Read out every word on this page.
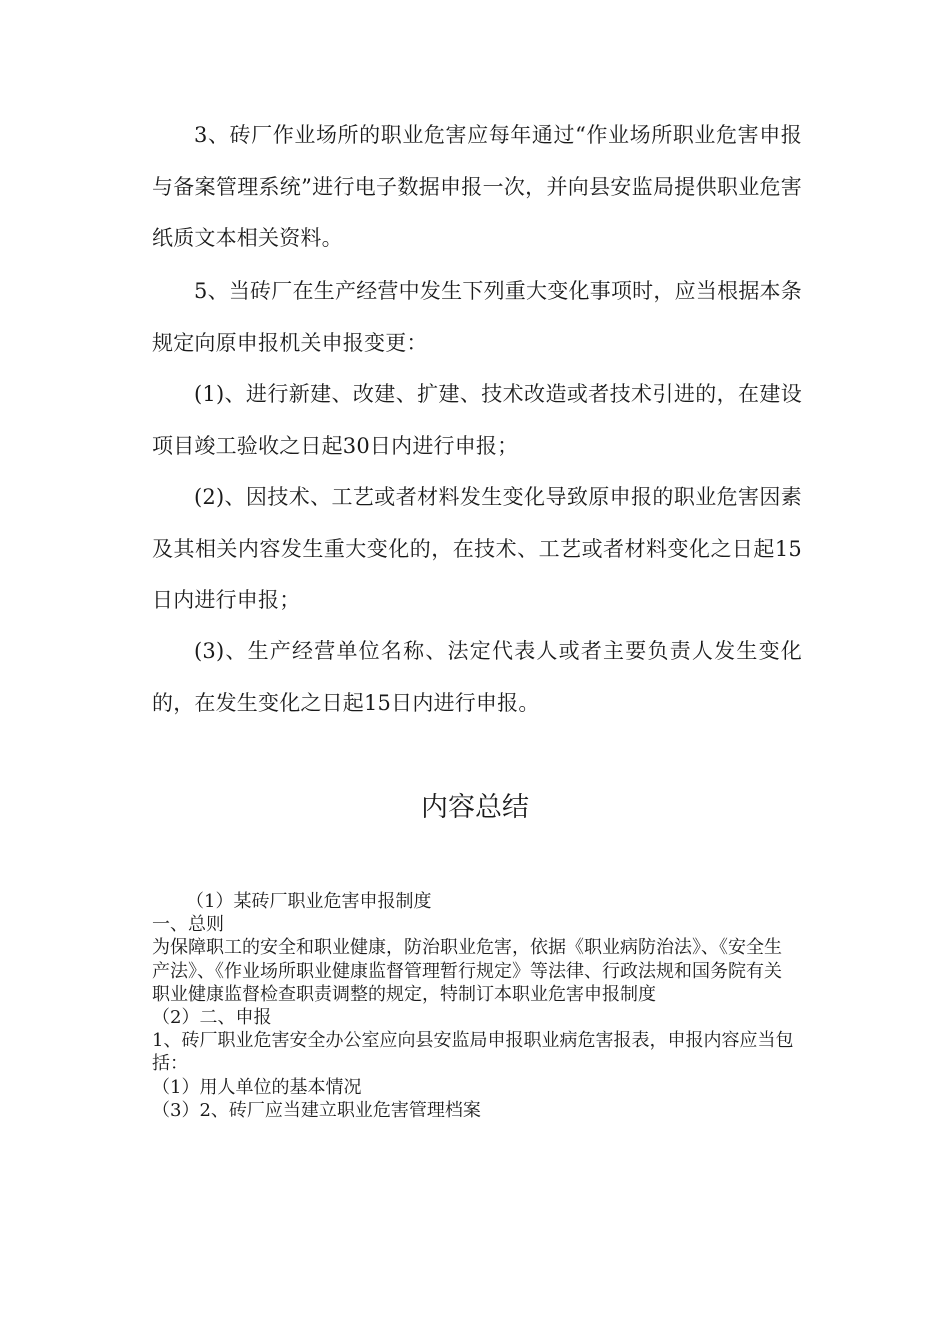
3、砖厂作业场所的职业危害应每年通过“作业场所职业危害申报与备案管理系统”进行电子数据申报一次，并向县安监局提供职业危害纸质文本相关资料。

5、当砖厂在生产经营中发生下列重大变化事项时，应当根据本条规定向原申报机关申报变更：

(1)、进行新建、改建、扩建、技术改造或者技术引进的，在建设项目竣工验收之日起30日内进行申报；

(2)、因技术、工艺或者材料发生变化导致原申报的职业危害因素及其相关内容发生重大变化的，在技术、工艺或者材料变化之日起15日内进行申报；

(3)、生产经营单位名称、法定代表人或者主要负责人发生变化的，在发生变化之日起15日内进行申报。

内容总结
（1）某砖厂职业危害申报制度
一、总则
为保障职工的安全和职业健康，防治职业危害，依据《职业病防治法》、《安全生产法》、《作业场所职业健康监督管理暂行规定》等法律、行政法规和国务院有关职业健康监督检查职责调整的规定，特制订本职业危害申报制度
（2）二、申报
1、砖厂职业危害安全办公室应向县安监局申报职业病危害报表，申报内容应当包括：
（1）用人单位的基本情况
（3）2、砖厂应当建立职业危害管理档案
